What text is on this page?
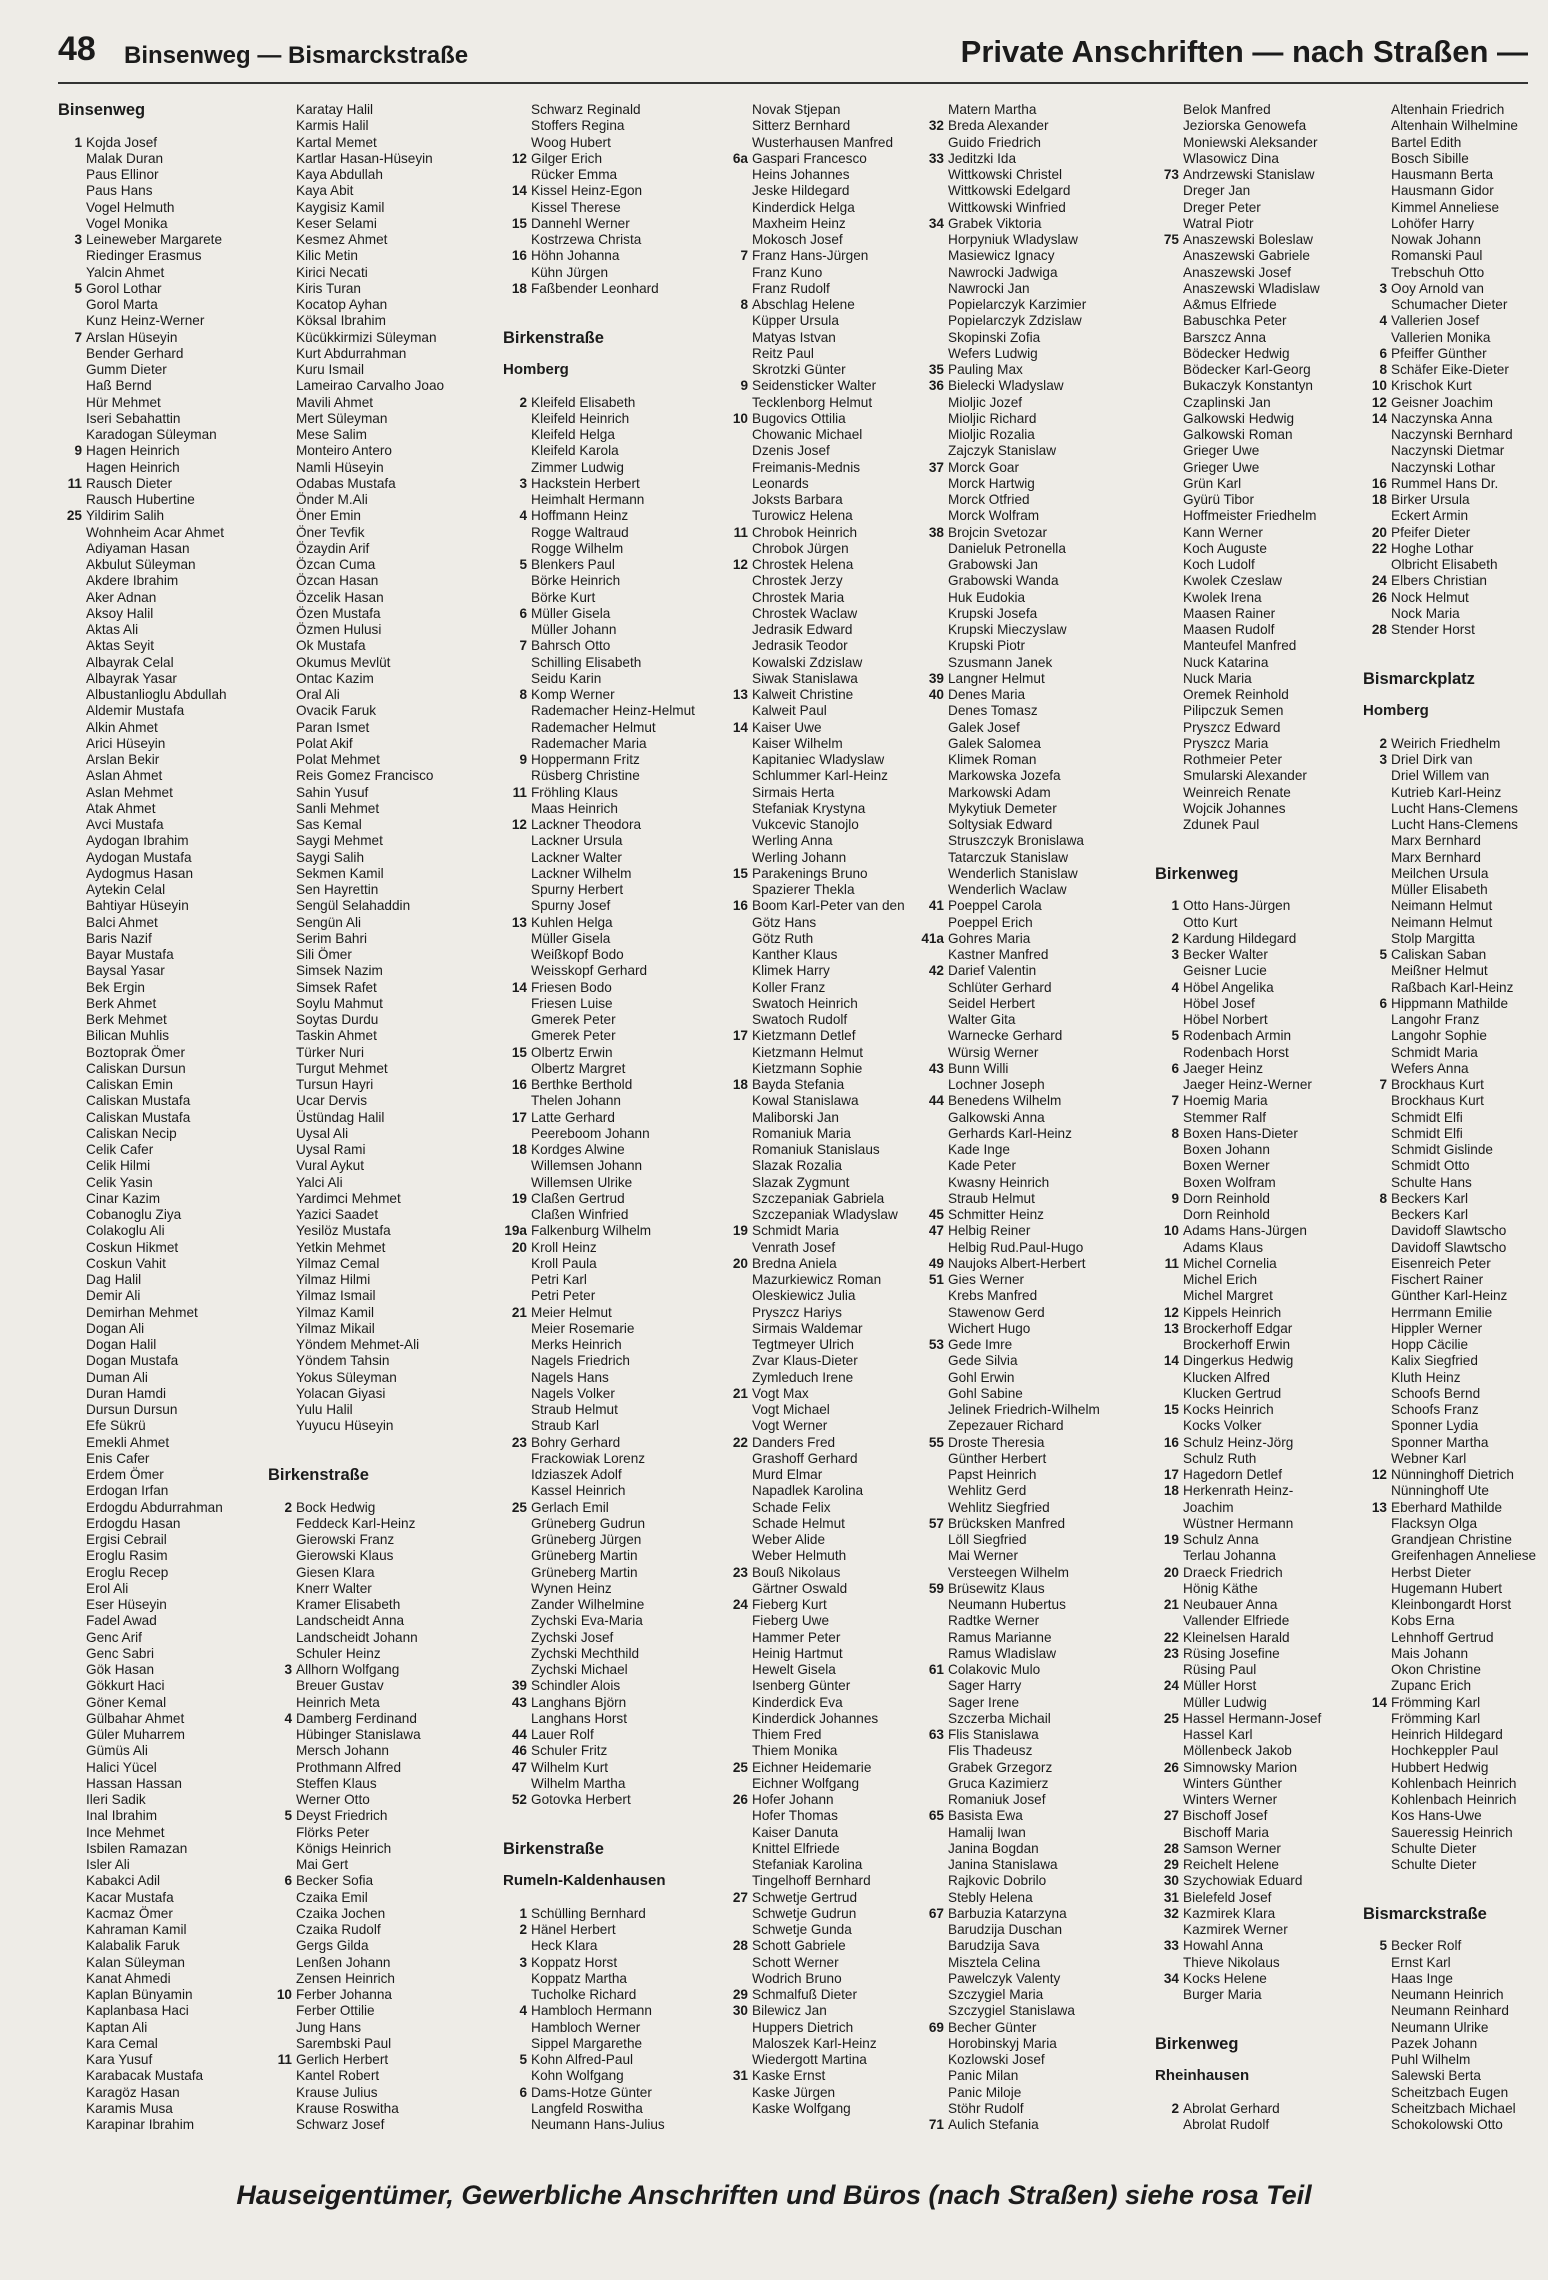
48 Binsenweg — Bismarckstraße	Private Anschriften — nach Straßen —
Binsenweg
1 Kojda Josef
Malak Duran
Paus Ellinor
Paus Hans
Vogel Helmuth
Vogel Monika
3 Leineweber Margarete
Riedinger Erasmus
Yalcin Ahmet
5 Gorol Lothar
Gorol Marta
Kunz Heinz-Werner
7 Arslan Hüseyin
Bender Gerhard
Gumm Dieter
Haß Bernd
Hür Mehmet
Iseri Sebahattin
Karadogan Süleyman
9 Hagen Heinrich
Hagen Heinrich
11 Rausch Dieter
Rausch Hubertine
25 Yildirim Salih
Wohnheim Acar Ahmet
Adiyaman Hasan
Akbulut Süleyman
Akdere Ibrahim
Aker Adnan
Aksoy Halil
Aktas Ali
Aktas Seyit
Albayrak Celal
Albayrak Yasar
Albustanlioglu Abdullah
Aldemir Mustafa
Alkin Ahmet
Arici Hüseyin
Arslan Bekir
Aslan Ahmet
Aslan Mehmet
Atak Ahmet
Avci Mustafa
Aydogan Ibrahim
Aydogan Mustafa
Aydogmus Hasan
Aytekin Celal
Bahtiyar Hüseyin
Balci Ahmet
Baris Nazif
Bayar Mustafa
Baysal Yasar
Bek Ergin
Berk Ahmet
Berk Mehmet
Bilican Muhlis
Boztoprak Ömer
Caliskan Dursun
Caliskan Emin
Caliskan Mustafa
Caliskan Mustafa
Caliskan Necip
Celik Cafer
Celik Hilmi
Celik Yasin
Cinar Kazim
Cobanoglu Ziya
Colakoglu Ali
Coskun Hikmet
Coskun Vahit
Dag Halil
Demir Ali
Demirhan Mehmet
Dogan Ali
Dogan Halil
Dogan Mustafa
Duman Ali
Duran Hamdi
Dursun Dursun
Efe Sükrü
Emekli Ahmet
Enis Cafer
Erdem Ömer
Erdogan Irfan
Erdogdu Abdurrahman
Erdogdu Hasan
Ergisi Cebrail
Eroglu Rasim
Eroglu Recep
Erol Ali
Eser Hüseyin
Fadel Awad
Genc Arif
Genc Sabri
Gök Hasan
Gökkurt Haci
Göner Kemal
Gülbahar Ahmet
Güler Muharrem
Gümüs Ali
Halici Yücel
Hassan Hassan
Ileri Sadik
Inal Ibrahim
Ince Mehmet
Isbilen Ramazan
Isler Ali
Kabakci Adil
Kacar Mustafa
Kacmaz Ömer
Kahraman Kamil
Kalabalik Faruk
Kalan Süleyman
Kanat Ahmedi
Kaplan Bünyamin
Kaplanbasa Haci
Kaptan Ali
Kara Cemal
Kara Yusuf
Karabacak Mustafa
Karagöz Hasan
Karamis Musa
Karapinar Ibrahim
Karatay Halil
Karmis Halil
Kartal Memet
Kartlar Hasan-Hüseyin
Kaya Abdullah
Kaya Abit
Kaygisiz Kamil
Keser Selami
Kesmez Ahmet
Kilic Metin
Kirici Necati
Kiris Turan
Kocatop Ayhan
Köksal Ibrahim
Kücükkirmizi Süleyman
Kurt Abdurrahman
Kuru Ismail
Lameirao Carvalho Joao
Mavili Ahmet
Mert Süleyman
Mese Salim
Monteiro Antero
Namli Hüseyin
Odabas Mustafa
Önder M.Ali
Öner Emin
Öner Tevfik
Özaydin Arif
Özcan Cuma
Özcan Hasan
Özcelik Hasan
Özen Mustafa
Özmen Hulusi
Ok Mustafa
Okumus Mevlüt
Ontac Kazim
Oral Ali
Ovacik Faruk
Paran Ismet
Polat Akif
Polat Mehmet
Reis Gomez Francisco
Sahin Yusuf
Sanli Mehmet
Sas Kemal
Saygi Mehmet
Saygi Salih
Sekmen Kamil
Sen Hayrettin
Sengül Selahaddin
Sengün Ali
Serim Bahri
Sili Ömer
Simsek Nazim
Simsek Rafet
Soylu Mahmut
Soytas Durdu
Taskin Ahmet
Türker Nuri
Turgut Mehmet
Tursun Hayri
Ucar Dervis
Üstündag Halil
Uysal Ali
Uysal Rami
Vural Aykut
Yalci Ali
Yardimci Mehmet
Yazici Saadet
Yesilöz Mustafa
Yetkin Mehmet
Yilmaz Cemal
Yilmaz Hilmi
Yilmaz Ismail
Yilmaz Kamil
Yilmaz Mikail
Yöndem Mehmet-Ali
Yöndem Tahsin
Yokus Süleyman
Yolacan Giyasi
Yulu Halil
Yuyucu Hüseyin
Birkenstraße
2 Bock Hedwig
Feddeck Karl-Heinz
Gierowski Franz
Gierowski Klaus
Giesen Klara
Knerr Walter
Kramer Elisabeth
Landscheidt Anna
Landscheidt Johann
Schuler Heinz
3 Allhorn Wolfgang
Breuer Gustav
Heinrich Meta
4 Damberg Ferdinand
Hübinger Stanislawa
Mersch Johann
Prothmann Alfred
Steffen Klaus
Werner Otto
5 Deyst Friedrich
Flörks Peter
Königs Heinrich
Mai Gert
6 Becker Sofia
Czaika Emil
Czaika Jochen
Czaika Rudolf
Gergs Gilda
Lenßen Johann
Zensen Heinrich
10 Ferber Johanna
Ferber Ottilie
Jung Hans
Sarembski Paul
11 Gerlich Herbert
Kantel Robert
Krause Julius
Krause Roswitha
Schwarz Josef
Schwarz Reginald
Stoffers Regina
Woog Hubert
12 Gilger Erich
Rücker Emma
14 Kissel Heinz-Egon
Kissel Therese
15 Dannehl Werner
Kostrzewa Christa
16 Höhn Johanna
Kühn Jürgen
18 Faßbender Leonhard
Birkenstraße
Homberg
2 Kleifeld Elisabeth
Kleifeld Heinrich
Kleifeld Helga
Kleifeld Karola
Zimmer Ludwig
3 Hackstein Herbert
Heimhalt Hermann
4 Hoffmann Heinz
Rogge Waltraud
Rogge Wilhelm
5 Blenkers Paul
Börke Heinrich
Börke Kurt
6 Müller Gisela
Müller Johann
7 Bahrsch Otto
Schilling Elisabeth
Seidu Karin
8 Komp Werner
Rademacher Heinz-Helmut
Rademacher Helmut
Rademacher Maria
9 Hoppermann Fritz
Rüsberg Christine
11 Fröhling Klaus
Maas Heinrich
12 Lackner Theodora
Lackner Ursula
Lackner Walter
Lackner Wilhelm
Spurny Herbert
Spurny Josef
13 Kuhlen Helga
Müller Gisela
Weißkopf Bodo
Weisskopf Gerhard
14 Friesen Bodo
Friesen Luise
Gmerek Peter
Gmerek Peter
15 Olbertz Erwin
Olbertz Margret
16 Berthke Berthold
Thelen Johann
17 Latte Gerhard
Peereboom Johann
18 Kordges Alwine
Willemsen Johann
Willemsen Ulrike
19 Claßen Gertrud
Claßen Winfried
19a Falkenburg Wilhelm
20 Kroll Heinz
Kroll Paula
Petri Karl
Petri Peter
21 Meier Helmut
Meier Rosemarie
Merks Heinrich
Nagels Friedrich
Nagels Hans
Nagels Volker
Straub Helmut
Straub Karl
23 Bohry Gerhard
Frackowiak Lorenz
Idziaszek Adolf
Kassel Heinrich
25 Gerlach Emil
Grüneberg Gudrun
Grüneberg Jürgen
Grüneberg Martin
Grüneberg Martin
Wynen Heinz
Zander Wilhelmine
Zychski Eva-Maria
Zychski Josef
Zychski Mechthild
Zychski Michael
39 Schindler Alois
43 Langhans Björn
Langhans Horst
44 Lauer Rolf
46 Schuler Fritz
47 Wilhelm Kurt
Wilhelm Martha
52 Gotovka Herbert
Birkenstraße
Rumeln-Kaldenhausen
1 Schülling Bernhard
2 Hänel Herbert
Heck Klara
3 Koppatz Horst
Koppatz Martha
Tucholke Richard
4 Hambloch Hermann
Hambloch Werner
Sippel Margarethe
5 Kohn Alfred-Paul
Kohn Wolfgang
6 Dams-Hotze Günter
Langfeld Roswitha
Neumann Hans-Julius
Novak Stjepan
Sitterz Bernhard
Wusterhausen Manfred
6a Gaspari Francesco
Heins Johannes
Jeske Hildegard
Kinderdick Helga
Maxheim Heinz
Mokosch Josef
7 Franz Hans-Jürgen
Franz Kuno
Franz Rudolf
8 Abschlag Helene
Küpper Ursula
Matyas Istvan
Reitz Paul
Skrotzki Günter
9 Seidensticker Walter
Tecklenborg Helmut
10 Bugovics Ottilia
Chowanic Michael
Dzenis Josef
Freimanis-Mednis
Leonards
Joksts Barbara
Turowicz Helena
11 Chrobok Heinrich
Chrobok Jürgen
12 Chrostek Helena
Chrostek Jerzy
Chrostek Maria
Chrostek Waclaw
Jedrasik Edward
Jedrasik Teodor
Kowalski Zdzislaw
Siwak Stanislawa
13 Kalweit Christine
Kalweit Paul
14 Kaiser Uwe
Kaiser Wilhelm
Kapitaniec Wladyslaw
Schlummer Karl-Heinz
Sirmais Herta
Stefaniak Krystyna
Vukcevic Stanojlo
Werling Anna
Werling Johann
15 Parakenings Bruno
Spazierer Thekla
16 Boom Karl-Peter van den
Götz Hans
Götz Ruth
Kanther Klaus
Klimek Harry
Koller Franz
Swatoch Heinrich
Swatoch Rudolf
17 Kietzmann Detlef
Kietzmann Helmut
Kietzmann Sophie
18 Bayda Stefania
Kowal Stanislawa
Maliborski Jan
Romaniuk Maria
Romaniuk Stanislaus
Slazak Rozalia
Slazak Zygmunt
Szczepaniak Gabriela
Szczepaniak Wladyslaw
19 Schmidt Maria
Venrath Josef
20 Bredna Aniela
Mazurkiewicz Roman
Oleskiewicz Julia
Pryszcz Hariys
Sirmais Waldemar
Tegtmeyer Ulrich
Zvar Klaus-Dieter
Zymleduch Irene
21 Vogt Max
Vogt Michael
Vogt Werner
22 Danders Fred
Grashoff Gerhard
Murd Elmar
Napadlek Karolina
Schade Felix
Schade Helmut
Weber Alide
Weber Helmuth
23 Bouß Nikolaus
Gärtner Oswald
24 Fieberg Kurt
Fieberg Uwe
Hammer Peter
Heinig Hartmut
Hewelt Gisela
Isenberg Günter
Kinderdick Eva
Kinderdick Johannes
Thiem Fred
Thiem Monika
25 Eichner Heidemarie
Eichner Wolfgang
26 Hofer Johann
Hofer Thomas
Kaiser Danuta
Knittel Elfriede
Stefaniak Karolina
Tingelhoff Bernhard
27 Schwetje Gertrud
Schwetje Gudrun
Schwetje Gunda
28 Schott Gabriele
Schott Werner
Wodrich Bruno
29 Schmalfuß Dieter
30 Bilewicz Jan
Huppers Dietrich
Maloszek Karl-Heinz
Wiedergott Martina
31 Kaske Ernst
Kaske Jürgen
Kaske Wolfgang
Matern Martha
32 Breda Alexander
Guido Friedrich
33 Jeditzki Ida
Wittkowski Christel
Wittkowski Edelgard
Wittkowski Winfried
34 Grabek Viktoria
Horpyniuk Wladyslaw
Masiewicz Ignacy
Nawrocki Jadwiga
Nawrocki Jan
Popielarczyk Karzimier
Popielarczyk Zdzislaw
Skopinski Zofia
Wefers Ludwig
35 Pauling Max
36 Bielecki Wladyslaw
Mioljic Jozef
Mioljic Richard
Mioljic Rozalia
Zajczyk Stanislaw
37 Morck Goar
Morck Hartwig
Morck Otfried
Morck Wolfram
38 Brojcin Svetozar
Danieluk Petronella
Grabowski Jan
Grabowski Wanda
Huk Eudokia
Krupski Josefa
Krupski Mieczyslaw
Krupski Piotr
Szusmann Janek
39 Langner Helmut
40 Denes Maria
Denes Tomasz
Galek Josef
Galek Salomea
Klimek Roman
Markowska Jozefa
Markowski Adam
Mykytiuk Demeter
Soltysiak Edward
Struszczyk Bronislawa
Tatarczuk Stanislaw
Wenderlich Stanislaw
Wenderlich Waclaw
41 Poeppel Carola
Poeppel Erich
41a Gohres Maria
Kastner Manfred
42 Darief Valentin
Schlüter Gerhard
Seidel Herbert
Walter Gita
Warnecke Gerhard
Würsig Werner
43 Bunn Willi
Lochner Joseph
44 Benedens Wilhelm
Galkowski Anna
Gerhards Karl-Heinz
Kade Inge
Kade Peter
Kwasny Heinrich
Straub Helmut
45 Schmitter Heinz
47 Helbig Reiner
Helbig Rud.Paul-Hugo
49 Naujoks Albert-Herbert
51 Gies Werner
Krebs Manfred
Stawenow Gerd
Wichert Hugo
53 Gede Imre
Gede Silvia
Gohl Erwin
Gohl Sabine
Jelinek Friedrich-Wilhelm
Zepezauer Richard
55 Droste Theresia
Günther Herbert
Papst Heinrich
Wehlitz Gerd
Wehlitz Siegfried
57 Brücksken Manfred
Löll Siegfried
Mai Werner
Versteegen Wilhelm
59 Brüsewitz Klaus
Neumann Hubertus
Radtke Werner
Ramus Marianne
Ramus Wladislaw
61 Colakovic Mulo
Sager Harry
Sager Irene
Szczerba Michail
63 Flis Stanislawa
Flis Thadeusz
Grabek Grzegorz
Gruca Kazimierz
Romaniuk Josef
65 Basista Ewa
Hamalij Iwan
Janina Bogdan
Janina Stanislawa
Rajkovic Dobrilo
Stebly Helena
67 Barbuzia Katarzyna
Barudzija Duschan
Barudzija Sava
Misztela Celina
Pawelczyk Valenty
Szczygiel Maria
Szczygiel Stanislawa
69 Becher Günter
Horobinskyj Maria
Kozlowski Josef
Panic Milan
Panic Miloje
Stöhr Rudolf
71 Aulich Stefania
Belok Manfred
Jeziorska Genowefa
Moniewski Aleksander
Wlasowicz Dina
73 Andrzewski Stanislaw
Dreger Jan
Dreger Peter
Watral Piotr
75 Anaszewski Boleslaw
Anaszewski Gabriele
Anaszewski Josef
Anaszewski Wladislaw
A&mus Elfriede
Babuschka Peter
Barszcz Anna
Bödecker Hedwig
Bödecker Karl-Georg
Bukaczyk Konstantyn
Czaplinski Jan
Galkowski Hedwig
Galkowski Roman
Grieger Uwe
Grieger Uwe
Grün Karl
Gyürü Tibor
Hoffmeister Friedhelm
Kann Werner
Koch Auguste
Koch Ludolf
Kwolek Czeslaw
Kwolek Irena
Maasen Rainer
Maasen Rudolf
Manteufel Manfred
Nuck Katarina
Nuck Maria
Oremek Reinhold
Pilipczuk Semen
Pryszcz Edward
Pryszcz Maria
Rothmeier Peter
Smularski Alexander
Weinreich Renate
Wojcik Johannes
Zdunek Paul
Birkenweg
1 Otto Hans-Jürgen
Otto Kurt
2 Kardung Hildegard
3 Becker Walter
Geisner Lucie
4 Höbel Angelika
Höbel Josef
Höbel Norbert
5 Rodenbach Armin
Rodenbach Horst
6 Jaeger Heinz
Jaeger Heinz-Werner
7 Hoemig Maria
Stemmer Ralf
8 Boxen Hans-Dieter
Boxen Johann
Boxen Werner
Boxen Wolfram
9 Dorn Reinhold
Dorn Reinhold
10 Adams Hans-Jürgen
Adams Klaus
11 Michel Cornelia
Michel Erich
Michel Margret
12 Kippels Heinrich
13 Brockerhoff Edgar
Brockerhoff Erwin
14 Dingerkus Hedwig
Klucken Alfred
Klucken Gertrud
15 Kocks Heinrich
Kocks Volker
16 Schulz Heinz-Jörg
Schulz Ruth
17 Hagedorn Detlef
18 Herkenrath Heinz-
Joachim
Wüstner Hermann
19 Schulz Anna
Terlau Johanna
20 Draeck Friedrich
Hönig Käthe
21 Neubauer Anna
Vallender Elfriede
22 Kleinelsen Harald
23 Rüsing Josefine
Rüsing Paul
24 Müller Horst
Müller Ludwig
25 Hassel Hermann-Josef
Hassel Karl
Möllenbeck Jakob
26 Simnowsky Marion
Winters Günther
Winters Werner
27 Bischoff Josef
Bischoff Maria
28 Samson Werner
29 Reichelt Helene
30 Szychowiak Eduard
31 Bielefeld Josef
32 Kazmirek Klara
Kazmirek Werner
33 Howahl Anna
Thieve Nikolaus
34 Kocks Helene
Burger Maria
Birkenweg
Rheinhausen
2 Abrolat Gerhard
Abrolat Rudolf
Altenhain Friedrich
Altenhain Wilhelmine
Bartel Edith
Bosch Sibille
Hausmann Berta
Hausmann Gidor
Kimmel Anneliese
Lohöfer Harry
Nowak Johann
Romanski Paul
Trebschuh Otto
3 Ooy Arnold van
Schumacher Dieter
4 Vallerien Josef
Vallerien Monika
6 Pfeiffer Günther
8 Schäfer Eike-Dieter
10 Krischok Kurt
12 Geisner Joachim
14 Naczynska Anna
Naczynski Bernhard
Naczynski Dietmar
Naczynski Lothar
16 Rummel Hans Dr.
18 Birker Ursula
Eckert Armin
20 Pfeifer Dieter
22 Hoghe Lothar
Olbricht Elisabeth
24 Elbers Christian
26 Nock Helmut
Nock Maria
28 Stender Horst
Bismarckplatz
Homberg
2 Weirich Friedhelm
3 Driel Dirk van
Driel Willem van
Kutrieb Karl-Heinz
Lucht Hans-Clemens
Lucht Hans-Clemens
Marx Bernhard
Marx Bernhard
Meilchen Ursula
Müller Elisabeth
Neimann Helmut
Neimann Helmut
Stolp Margitta
5 Caliskan Saban
Meißner Helmut
Raßbach Karl-Heinz
6 Hippmann Mathilde
Langohr Franz
Langohr Sophie
Schmidt Maria
Wefers Anna
7 Brockhaus Kurt
Brockhaus Kurt
Schmidt Elfi
Schmidt Elfi
Schmidt Gislinde
Schmidt Otto
Schulte Hans
8 Beckers Karl
Beckers Karl
Davidoff Slawtscho
Davidoff Slawtscho
Eisenreich Peter
Fischert Rainer
Günther Karl-Heinz
Herrmann Emilie
Hippler Werner
Hopp Cäcilie
Kalix Siegfried
Kluth Heinz
Schoofs Bernd
Schoofs Franz
Sponner Lydia
Sponner Martha
Webner Karl
12 Nünninghoff Dietrich
Nünninghoff Ute
13 Eberhard Mathilde
Flacksyn Olga
Grandjean Christine
Greifenhagen Anneliese
Herbst Dieter
Hugemann Hubert
Kleinbongardt Horst
Kobs Erna
Lehnhoff Gertrud
Mais Johann
Okon Christine
Zupanc Erich
14 Frömming Karl
Frömming Karl
Heinrich Hildegard
Hochkeppler Paul
Hubbert Hedwig
Kohlenbach Heinrich
Kohlenbach Heinrich
Kos Hans-Uwe
Saueressig Heinrich
Schulte Dieter
Schulte Dieter
Bismarckstraße
5 Becker Rolf
Ernst Karl
Haas Inge
Neumann Heinrich
Neumann Reinhard
Neumann Ulrike
Pazek Johann
Puhl Wilhelm
Salewski Berta
Scheitzbach Eugen
Scheitzbach Michael
Schokolowski Otto
Hauseigentümer, Gewerbliche Anschriften und Büros (nach Straßen) siehe rosa Teil
